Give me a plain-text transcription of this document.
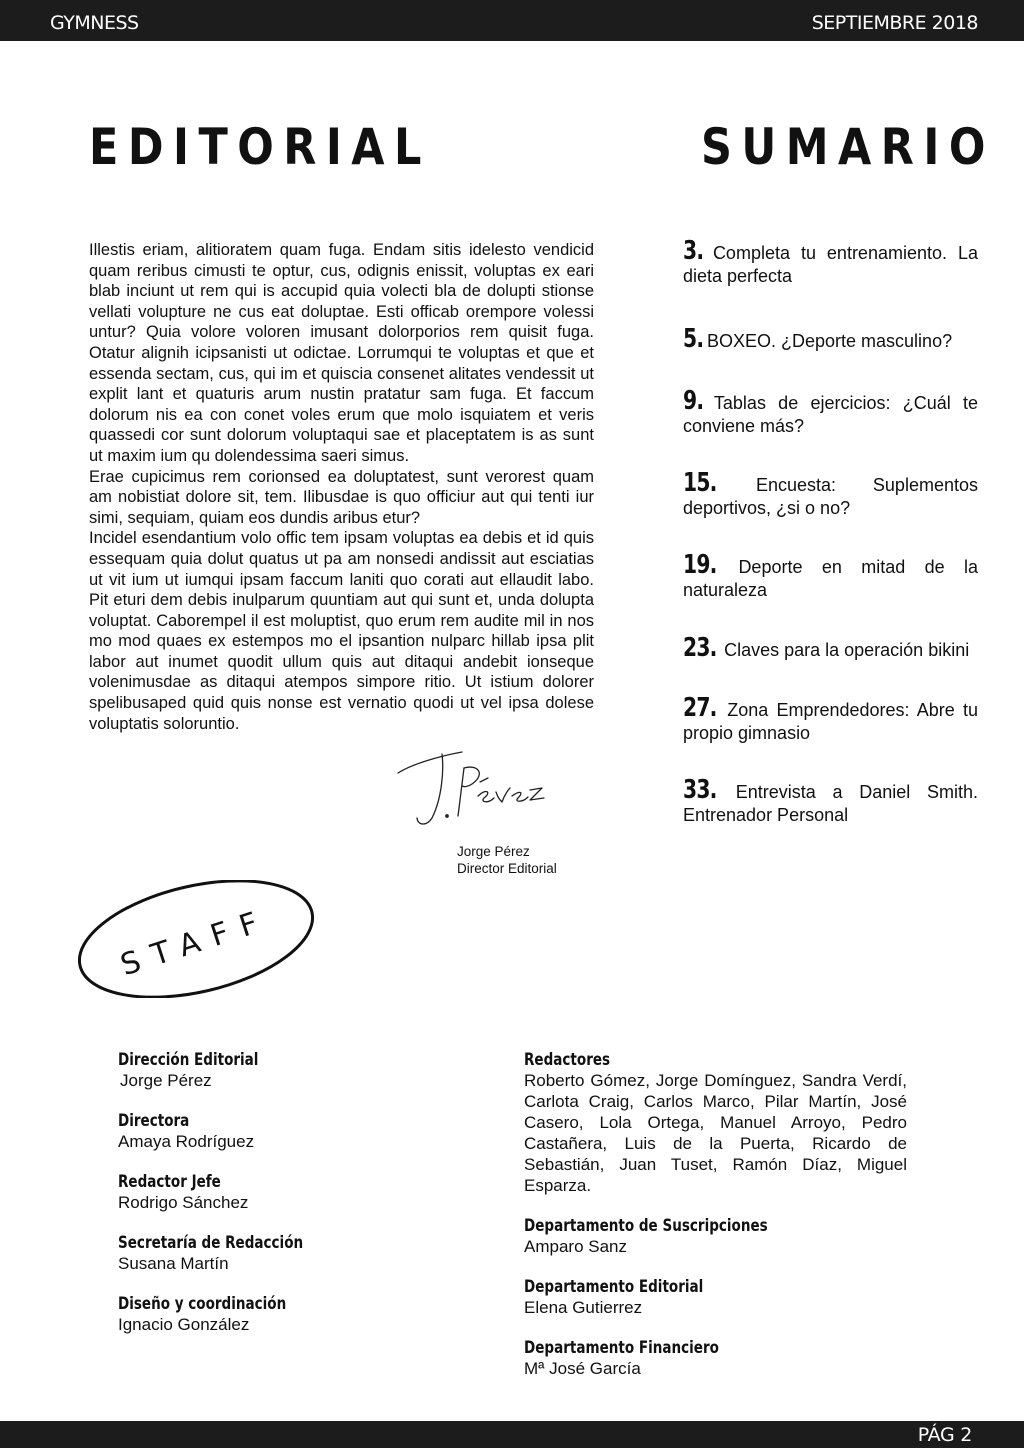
GYMNESS	SEPTIEMBRE 2018
EDITORIAL	SUMARIO

Illestis eriam, alitioratem quam fuga. Endam sitis idelesto vendicid quam reribus cimusti te optur, cus, odignis enissit, voluptas ex eari blab inciunt ut rem qui is accupid quia volecti bla de dolupti stionse vellati volupture ne cus eat doluptae. Esti officab orempore volessi untur? Quia volore voloren imusant dolorporios rem quisit fuga. Otatur alignih icipsanisti ut odictae. Lorrumqui te voluptas et que et essenda sectam, cus, qui im et quiscia consenet alitates vendessit ut explit lant et quaturis arum nustin pratatur sam fuga. Et faccum dolorum nis ea con conet voles erum que molo isquiatem et veris quassedi cor sunt dolorum voluptaqui sae et placeptatem is as sunt ut maxim ium qu dolendessima saeri simus.

Erae cupicimus rem corionsed ea doluptatest, sunt verorest quam am nobistiat dolore sit, tem. Ilibusdae is quo officiur aut qui tenti iur simi, sequiam, quiam eos dundis aribus etur?

Incidel esendantium volo offic tem ipsam voluptas ea debis et id quis essequam quia dolut quatus ut pa am nonsedi andissit aut esciatias ut vit ium ut iumqui ipsam faccum laniti quo corati aut ellaudit labo. Pit eturi dem debis inulparum quuntiam aut qui sunt et, unda dolupta voluptat. Caborempel il est moluptist, quo erum rem audite mil in nos mo mod quaes ex estempos mo el ipsantion nulparc hillab ipsa plit labor aut inumet quodit ullum quis aut ditaqui andebit ionseque volenimusdae as ditaqui atempos simpore ritio. Ut istium dolorer spelibusaped quid quis nonse est vernatio quodi ut vel ipsa dolese voluptatis soloruntio.

Jorge Pérez
Director Editorial
3. Completa tu entrenamiento. La dieta perfecta
5. BOXEO. ¿Deporte masculino?
9. Tablas de ejercicios: ¿Cuál te conviene más?
15. Encuesta: Suplementos deportivos, ¿si o no?
19. Deporte en mitad de la naturaleza
23. Claves para la operación bikini
27. Zona Emprendedores: Abre tu propio gimnasio
33. Entrevista a Daniel Smith. Entrenador Personal
STAFF
Dirección Editorial
Jorge Pérez
Directora
Amaya Rodríguez
Redactor Jefe
Rodrigo Sánchez
Secretaría de Redacción
Susana Martín
Diseño y coordinación
Ignacio González
Redactores
Roberto Gómez, Jorge Domínguez, Sandra Verdí, Carlota Craig, Carlos Marco, Pilar Martín, José Casero, Lola Ortega, Manuel Arroyo, Pedro Castañera, Luis de la Puerta, Ricardo de Sebastián, Juan Tuset, Ramón Díaz, Miguel Esparza.
Departamento de Suscripciones
Amparo Sanz
Departamento Editorial
Elena Gutierrez
Departamento Financiero
Mª José García
PÁG 2
